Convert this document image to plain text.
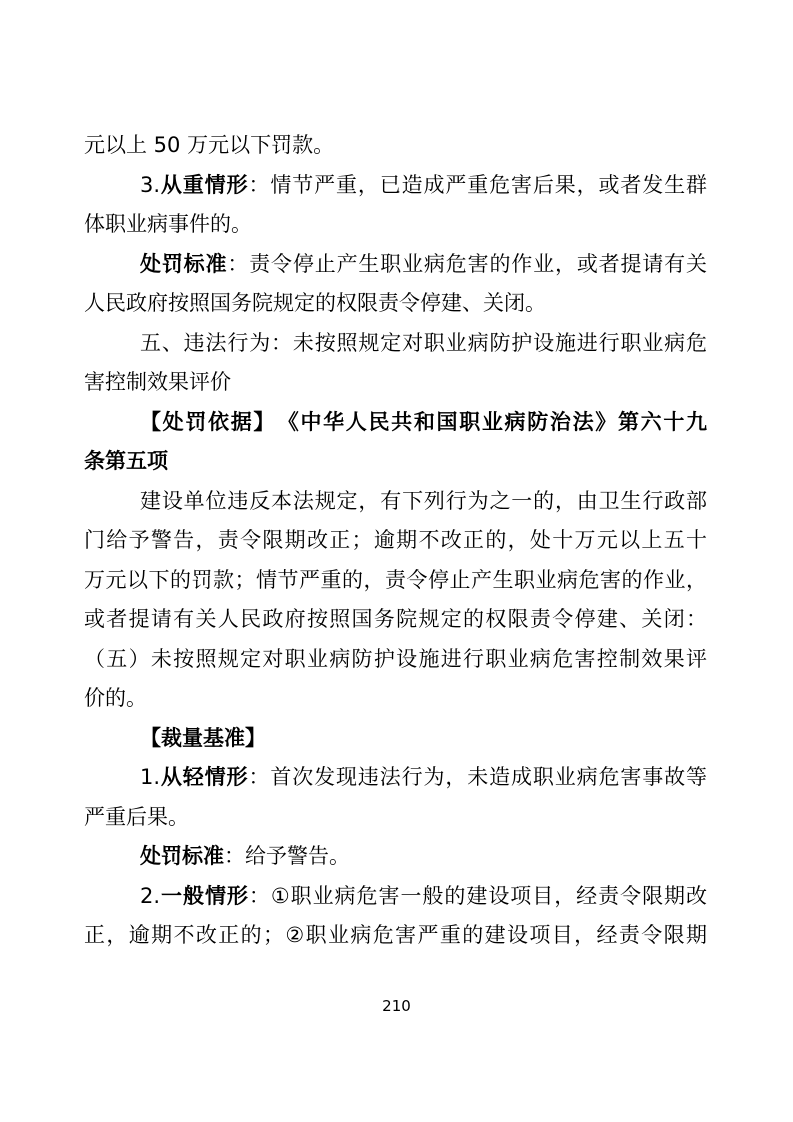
元以上 50 万元以下罚款。
3.从重情形：情节严重，已造成严重危害后果，或者发生群
体职业病事件的。
处罚标准：责令停止产生职业病危害的作业，或者提请有关
人民政府按照国务院规定的权限责令停建、关闭。
五、违法行为：未按照规定对职业病防护设施进行职业病危
害控制效果评价
【处罚依据】　《中华人民共和国职业病防治法》第六十九
条第五项
建设单位违反本法规定，有下列行为之一的，由卫生行政部
门给予警告，责令限期改正；逾期不改正的，处十万元以上五十
万元以下的罚款；情节严重的，责令停止产生职业病危害的作业，
或者提请有关人民政府按照国务院规定的权限责令停建、关闭：
（五）未按照规定对职业病防护设施进行职业病危害控制效果评
价的。
【裁量基准】
1.从轻情形：首次发现违法行为，未造成职业病危害事故等
严重后果。
处罚标准：给予警告。
2.一般情形：①职业病危害一般的建设项目，经责令限期改
正，逾期不改正的；②职业病危害严重的建设项目，经责令限期
210
